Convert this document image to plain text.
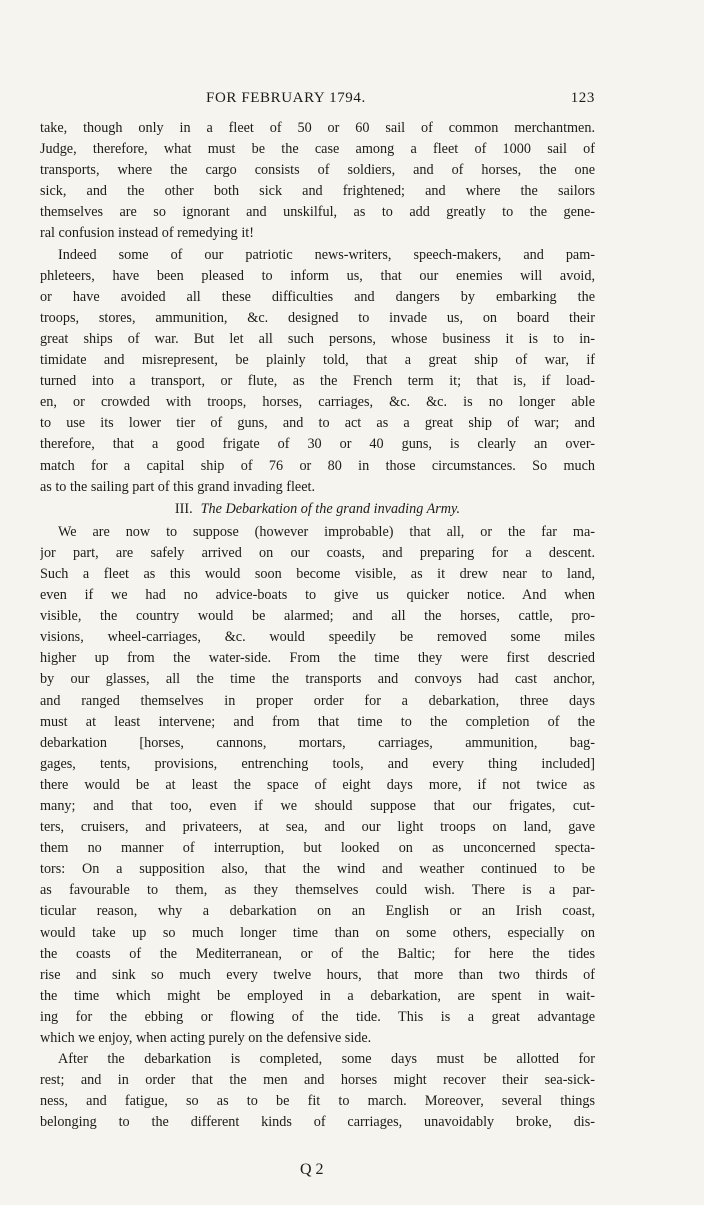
FOR FEBRUARY 1794.	123
take, though only in a fleet of 50 or 60 sail of common merchantmen.
Judge, therefore, what must be the case among a fleet of 1000 sail of
transports, where the cargo consists of soldiers, and of horses, the one
sick, and the other both sick and frightened; and where the sailors
themselves are so ignorant and unskilful, as to add greatly to the gene-
ral confusion instead of remedying it!
Indeed some of our patriotic news-writers, speech-makers, and pam-
phleteers, have been pleased to inform us, that our enemies will avoid,
or have avoided all these difficulties and dangers by embarking the
troops, stores, ammunition, &c. designed to invade us, on board their
great ships of war. But let all such persons, whose business it is to in-
timidate and misrepresent, be plainly told, that a great ship of war, if
turned into a transport, or flute, as the French term it; that is, if load-
en, or crowded with troops, horses, carriages, &c. &c. is no longer able
to use its lower tier of guns, and to act as a great ship of war; and
therefore, that a good frigate of 30 or 40 guns, is clearly an over-
match for a capital ship of 76 or 80 in those circumstances. So much
as to the sailing part of this grand invading fleet.
III. The Debarkation of the grand invading Army.
We are now to suppose (however improbable) that all, or the far ma-
jor part, are safely arrived on our coasts, and preparing for a descent.
Such a fleet as this would soon become visible, as it drew near to land,
even if we had no advice-boats to give us quicker notice. And when
visible, the country would be alarmed; and all the horses, cattle, pro-
visions, wheel-carriages, &c. would speedily be removed some miles
higher up from the water-side. From the time they were first descried
by our glasses, all the time the transports and convoys had cast anchor,
and ranged themselves in proper order for a debarkation, three days
must at least intervene; and from that time to the completion of the
debarkation [horses, cannons, mortars, carriages, ammunition, bag-
gages, tents, provisions, entrenching tools, and every thing included]
there would be at least the space of eight days more, if not twice as
many; and that too, even if we should suppose that our frigates, cut-
ters, cruisers, and privateers, at sea, and our light troops on land, gave
them no manner of interruption, but looked on as unconcerned specta-
tors: On a supposition also, that the wind and weather continued to be
as favourable to them, as they themselves could wish. There is a par-
ticular reason, why a debarkation on an English or an Irish coast,
would take up so much longer time than on some others, especially on
the coasts of the Mediterranean, or of the Baltic; for here the tides
rise and sink so much every twelve hours, that more than two thirds of
the time which might be employed in a debarkation, are spent in wait-
ing for the ebbing or flowing of the tide. This is a great advantage
which we enjoy, when acting purely on the defensive side.
After the debarkation is completed, some days must be allotted for
rest; and in order that the men and horses might recover their sea-sick-
ness, and fatigue, so as to be fit to march. Moreover, several things
belonging to the different kinds of carriages, unavoidably broke, dis-
Q 2
